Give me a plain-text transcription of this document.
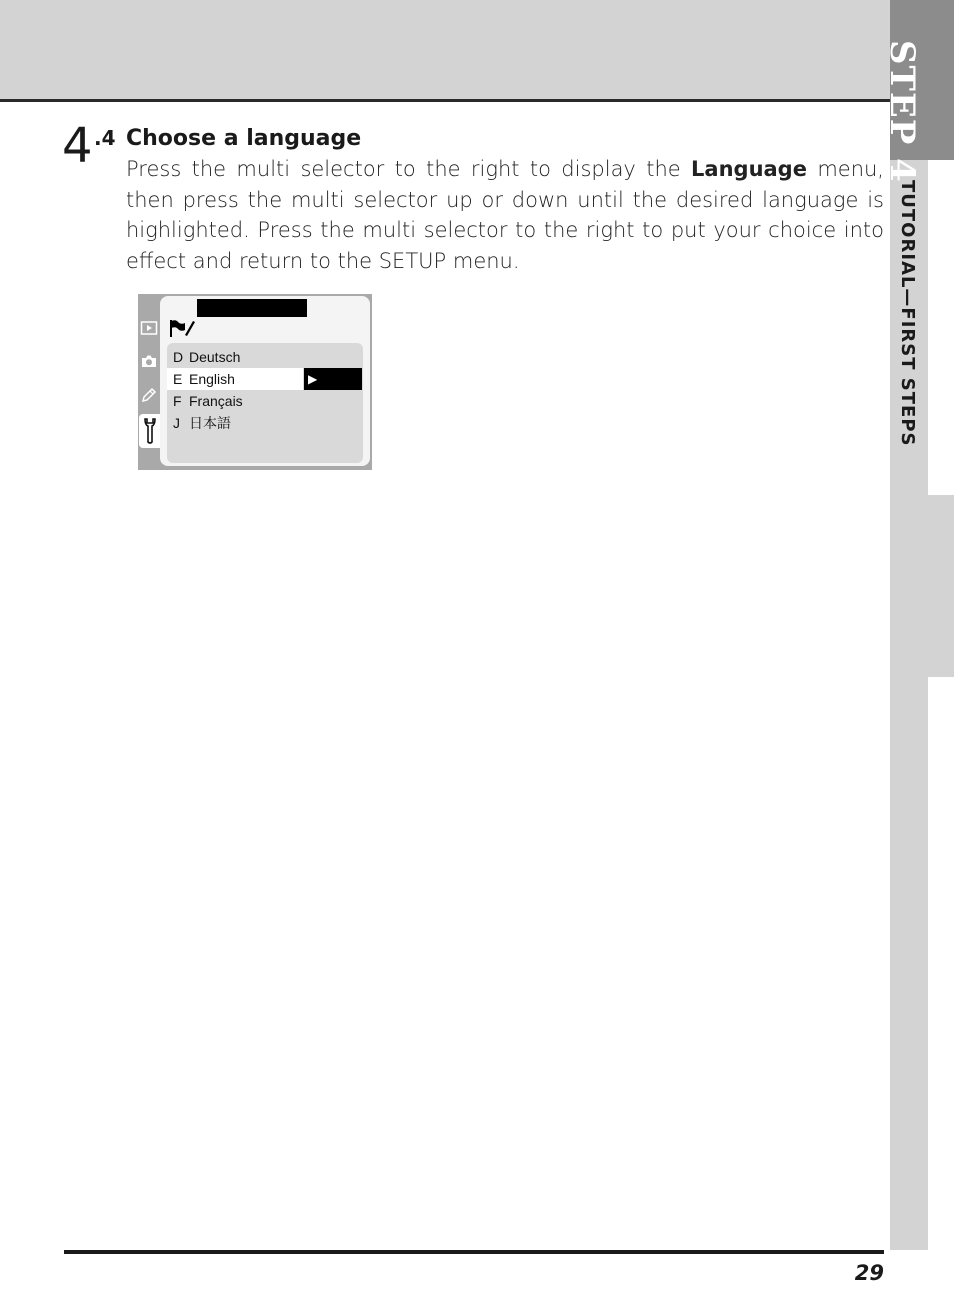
STEP 4
TUTORIAL—FIRST STEPS
4 .4 Choose a language
Press the multi selector to the right to display the Language menu, then press the multi selector up or down until the desired language is highlighted. Press the multi selector to the right to put your choice into effect and return to the SETUP menu.
D Deutsch
E English	▶
F Français
J 日本語
29
